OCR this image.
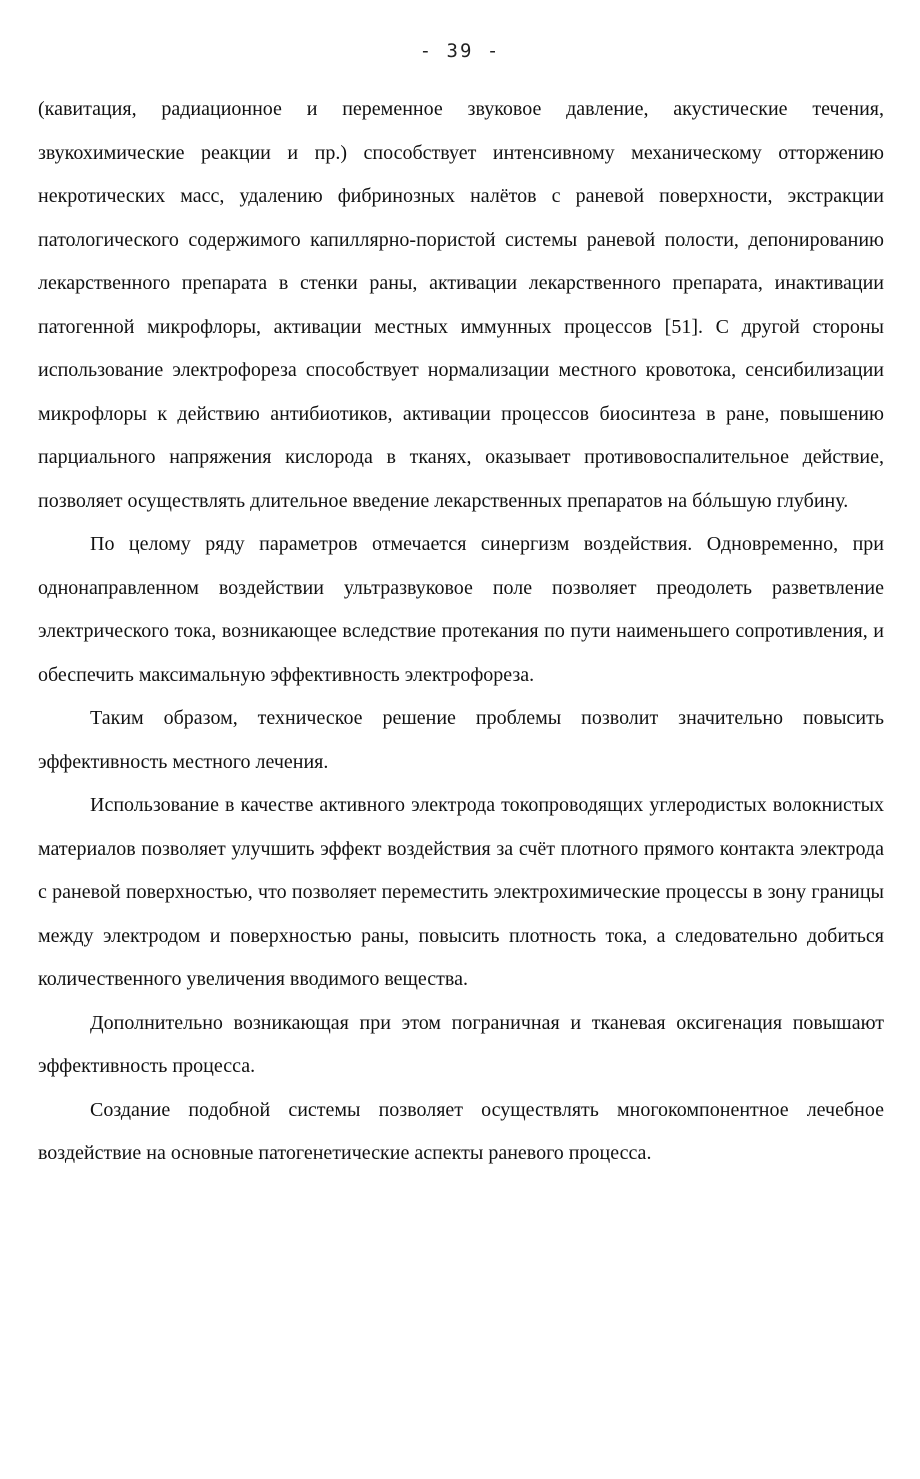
- 39 -

(кавитация, радиационное и переменное звуковое давление, акустические течения, звукохимические реакции и пр.) способствует интенсивному механическому отторжению некротических масс, удалению фибринозных налётов с раневой поверхности, экстракции патологического содержимого капиллярно-пористой системы раневой полости, депонированию лекарственного препарата в стенки раны, активации лекарственного препарата, инактивации патогенной микрофлоры, активации местных иммунных процессов [51]. С другой стороны использование электрофореза способствует нормализации местного кровотока, сенсибилизации микрофлоры к действию антибиотиков, активации процессов биосинтеза в ране, повышению парциального напряжения кислорода в тканях, оказывает противовоспалительное действие, позволяет осуществлять длительное введение лекарственных препаратов на бóльшую глубину.

По целому ряду параметров отмечается синергизм воздействия. Одновременно, при однонаправленном воздействии ультразвуковое поле позволяет преодолеть разветвление электрического тока, возникающее вследствие протекания по пути наименьшего сопротивления, и обеспечить максимальную эффективность электрофореза.

Таким образом, техническое решение проблемы позволит значительно повысить эффективность местного лечения.

Использование в качестве активного электрода токопроводящих углеродистых волокнистых материалов позволяет улучшить эффект воздействия за счёт плотного прямого контакта электрода с раневой поверхностью, что позволяет переместить электрохимические процессы в зону границы между электродом и поверхностью раны, повысить плотность тока, а следовательно добиться количественного увеличения вводимого вещества.

Дополнительно возникающая при этом пограничная и тканевая оксигенация повышают эффективность процесса.

Создание подобной системы позволяет осуществлять многокомпонентное лечебное воздействие на основные патогенетические аспекты раневого процесса.
